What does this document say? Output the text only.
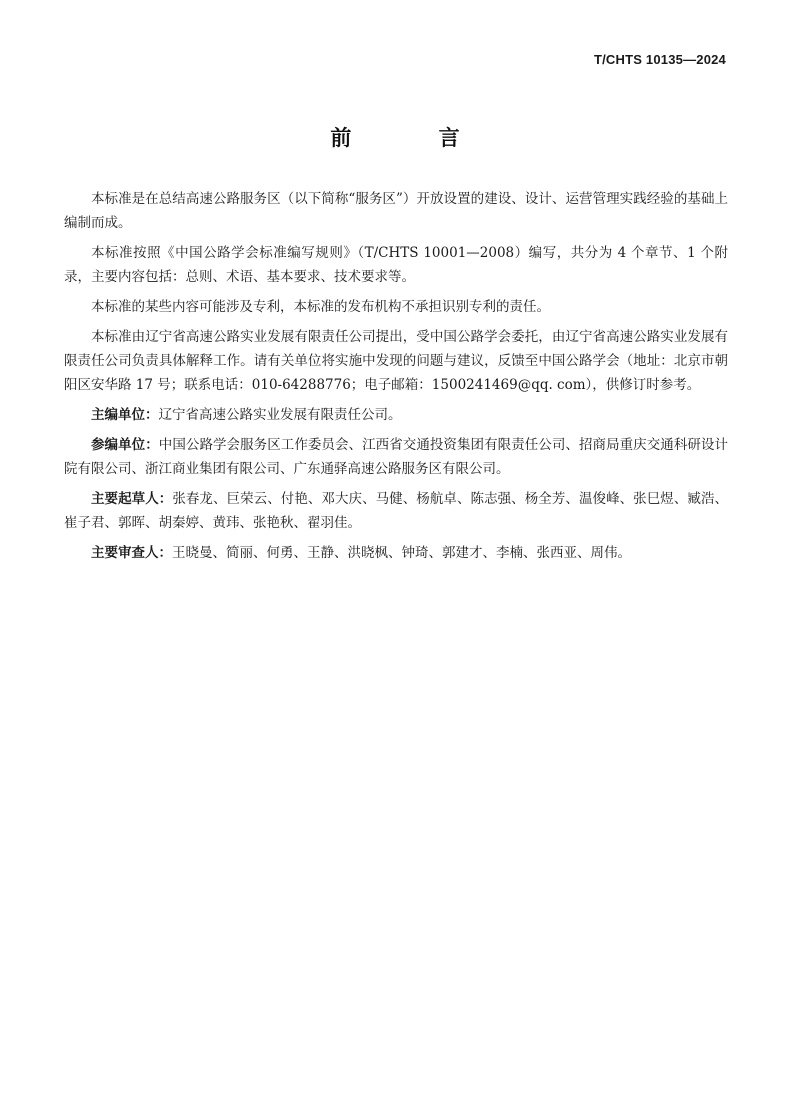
T/CHTS 10135—2024
前 言

本标准是在总结高速公路服务区（以下简称“服务区”）开放设置的建设、设计、运营管理实践经验的基础上编制而成。

本标准按照《中国公路学会标准编写规则》（T/CHTS 10001—2008）编写，共分为 4 个章节、1 个附录，主要内容包括：总则、术语、基本要求、技术要求等。

本标准的某些内容可能涉及专利，本标准的发布机构不承担识别专利的责任。

本标准由辽宁省高速公路实业发展有限责任公司提出，受中国公路学会委托，由辽宁省高速公路实业发展有限责任公司负责具体解释工作。请有关单位将实施中发现的问题与建议，反馈至中国公路学会（地址：北京市朝阳区安华路 17 号；联系电话：010-64288776；电子邮箱：1500241469@qq. com），供修订时参考。

主编单位：辽宁省高速公路实业发展有限责任公司。

参编单位：中国公路学会服务区工作委员会、江西省交通投资集团有限责任公司、招商局重庆交通科研设计院有限公司、浙江商业集团有限公司、广东通驿高速公路服务区有限公司。

主要起草人：张春龙、巨荣云、付艳、邓大庆、马健、杨航卓、陈志强、杨全芳、温俊峰、张巳煜、臧浩、崔子君、郭晖、胡秦婷、黄玮、张艳秋、翟羽佳。

主要审查人：王晓曼、简丽、何勇、王静、洪晓枫、钟琦、郭建才、李楠、张西亚、周伟。
